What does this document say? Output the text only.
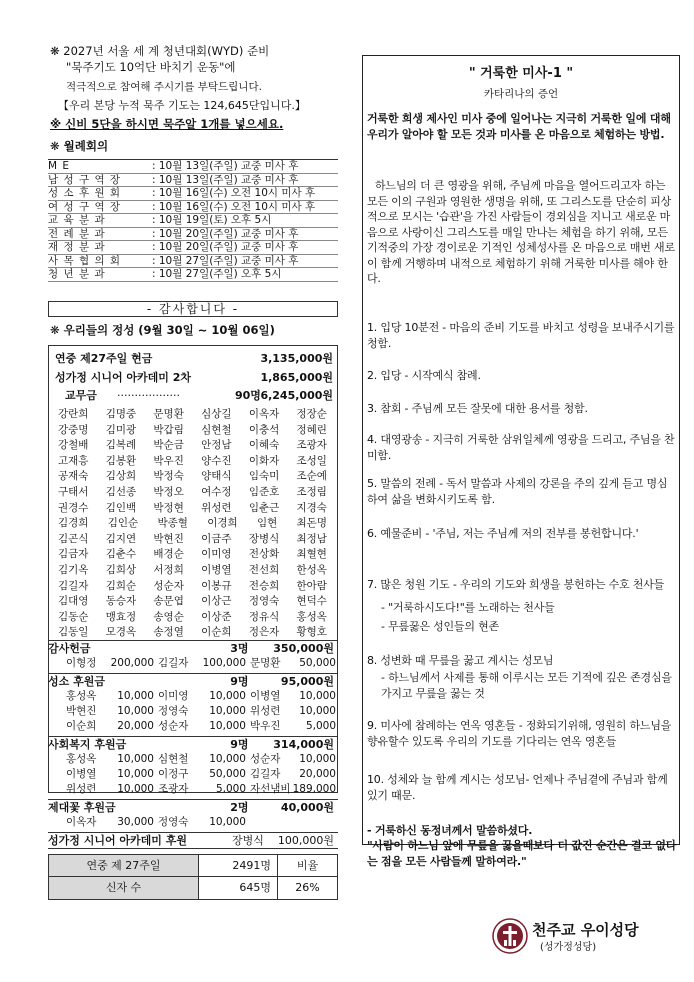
❋ 2027년 서울 세 계 청년대회(WYD) 준비
"묵주기도 10억단 바치기 운동"에
적극적으로 참여해 주시기를 부탁드립니다.
【우리 본당 누적 묵주 기도는 124,645단입니다.】
※ 신비 5단을 하시면 묵주알 1개를 넣으세요.
❋ 월례회의
M E	: 10월 13일(주일) 교중 미사 후
남 성 구 역 장	: 10월 13일(주일) 교중 미사 후
성 소 후 원 회	: 10월 16일(수) 오전 10시 미사 후
여 성 구 역 장	: 10월 16일(수) 오전 10시 미사 후
교 육 분 과	: 10월 19일(토) 오후 5시
전 례 분 과	: 10월 20일(주일) 교중 미사 후
재 정 분 과	: 10월 20일(주일) 교중 미사 후
사 목 협 의 회	: 10월 27일(주일) 교중 미사 후
청 년 분 과	: 10월 27일(주일) 오후 5시
- 감사합니다 -
❋ 우리들의 정성 (9월 30일 ~ 10월 06일)
연중 제27주일 현금	3,135,000원
성가정 시니어 아카데미 2차	1,865,000원
교무금 ··················	90명 6,245,000원
강란희 김명중 문명환 심상길 이옥자 정장순
강중명 김미광 박갑림 심현철 이충석 정혜린
강철배 김복례 박순금 안정남 이혜숙 조광자
고재흥 김봉환 박우진 양수진 이화자 조성일
공재숙 김상희 박정숙 양태식 임숙미 조순예
구태서 김선종 박정오 여수정 임준호 조정림
권경수 김인백 박정현 위성련 임춘근 지경숙
김경희 김인순 박종혈 이경희 임현 최돈명
김곤식 김지연 박현진 이금주 장병식 최정남
김금자 김춘수 배경순 이미영 전상화 최혈현
김기옥 김희상 서정희 이병열 전선희 한성옥
김길자 김희순 성순자 이봉규 전승희 한아람
김대영 동승자 송문엽 이상근 정영숙 현덕수
김동순 맹효정 송영순 이상준 정유식 홍성옥
김동일 모경옥 송정열 이순희 정은자 황형호
감사헌금	3명 350,000원
이형정 200,000 김길자 100,000 문명환 50,000
성소 후원금	9명	95,000원
홍성옥 10,000 이미영 10,000 이병열 10,000
박현진 10,000 정영숙 10,000 위성련 10,000
이순희 20,000 성순자 10,000 박우진 5,000
사회복지 후원금	9명 314,000원
홍성옥 10,000 심현철 10,000 성순자 10,000
이병열 10,000 이정구 50,000 김길자 20,000
위성련 10,000 조광자	5,000 자선냄비 189,000
제대꽃 후원금	2명	40,000원
이옥자 30,000 정영숙 10,000
성가정 시니어 아카데미 후원	장병식 100,000원
연중 제 27주일	2491명	비율
신자 수	645명	26%
" 거룩한 미사-1 "
카타리나의 증언
거룩한 희생 제사인 미사 중에 일어나는 지극히 거룩한 일에 대해 우리가 알아야 할 모든 것과 미사를 온 마음으로 체험하는 방법.
하느님의 더 큰 영광을 위해, 주님께 마음을 열어드리고자 하는 모든 이의 구원과 영원한 생명을 위해, 또 그리스도를 단순히 피상적으로 모시는 '습관'을 가진 사람들이 경외심을 지니고 새로운 마음으로 사랑이신 그리스도를 매일 만나는 체험을 하기 위해, 모든 기적중의 가장 경이로운 기적인 성체성사를 온 마음으로 매번 새로이 함께 거행하며 내적으로 체험하기 위해 거룩한 미사를 해야 한다.
1. 입당 10분전 - 마음의 준비 기도를 바치고 성령을 보내주시기를 청함.
2. 입당 - 시작예식 참례.
3. 참회 - 주님께 모든 잘못에 대한 용서를 청함.
4. 대영광송 - 지극히 거룩한 삼위일체께 영광을 드리고, 주님을 찬미함.
5. 말씀의 전례 - 독서 말씀과 사제의 강론을 주의 깊게 듣고 명심하여 삶을 변화시키도록 함.
6. 예물준비 - '주님, 저는 주님께 저의 전부를 봉헌합니다.'
7. 많은 청원 기도 - 우리의 기도와 희생을 봉헌하는 수호 천사들
- "거룩하시도다!"를 노래하는 천사들
- 무릎꿇은 성인들의 현존
8. 성변화 때 무릎을 꿇고 계시는 성모님
- 하느님께서 사제를 통해 이루시는 모든 기적에 깊은 존경심을 가지고 무릎을 꿇는 것
9. 미사에 참례하는 연옥 영혼들 - 정화되기위해, 영원히 하느님을 향유할수 있도록 우리의 기도를 기다리는 연옥 영혼들
10. 성체와 늘 함께 계시는 성모님- 언제나 주님곁에 주님과 함께 있기 때문.
- 거룩하신 동정녀께서 말씀하셨다.
"사람이 하느님 앞에 무릎을 꿇을때보다 더 값진 순간은 결코 없다는 점을 모든 사람들께 말하여라."
천주교 우이성당
(성가정성당)
